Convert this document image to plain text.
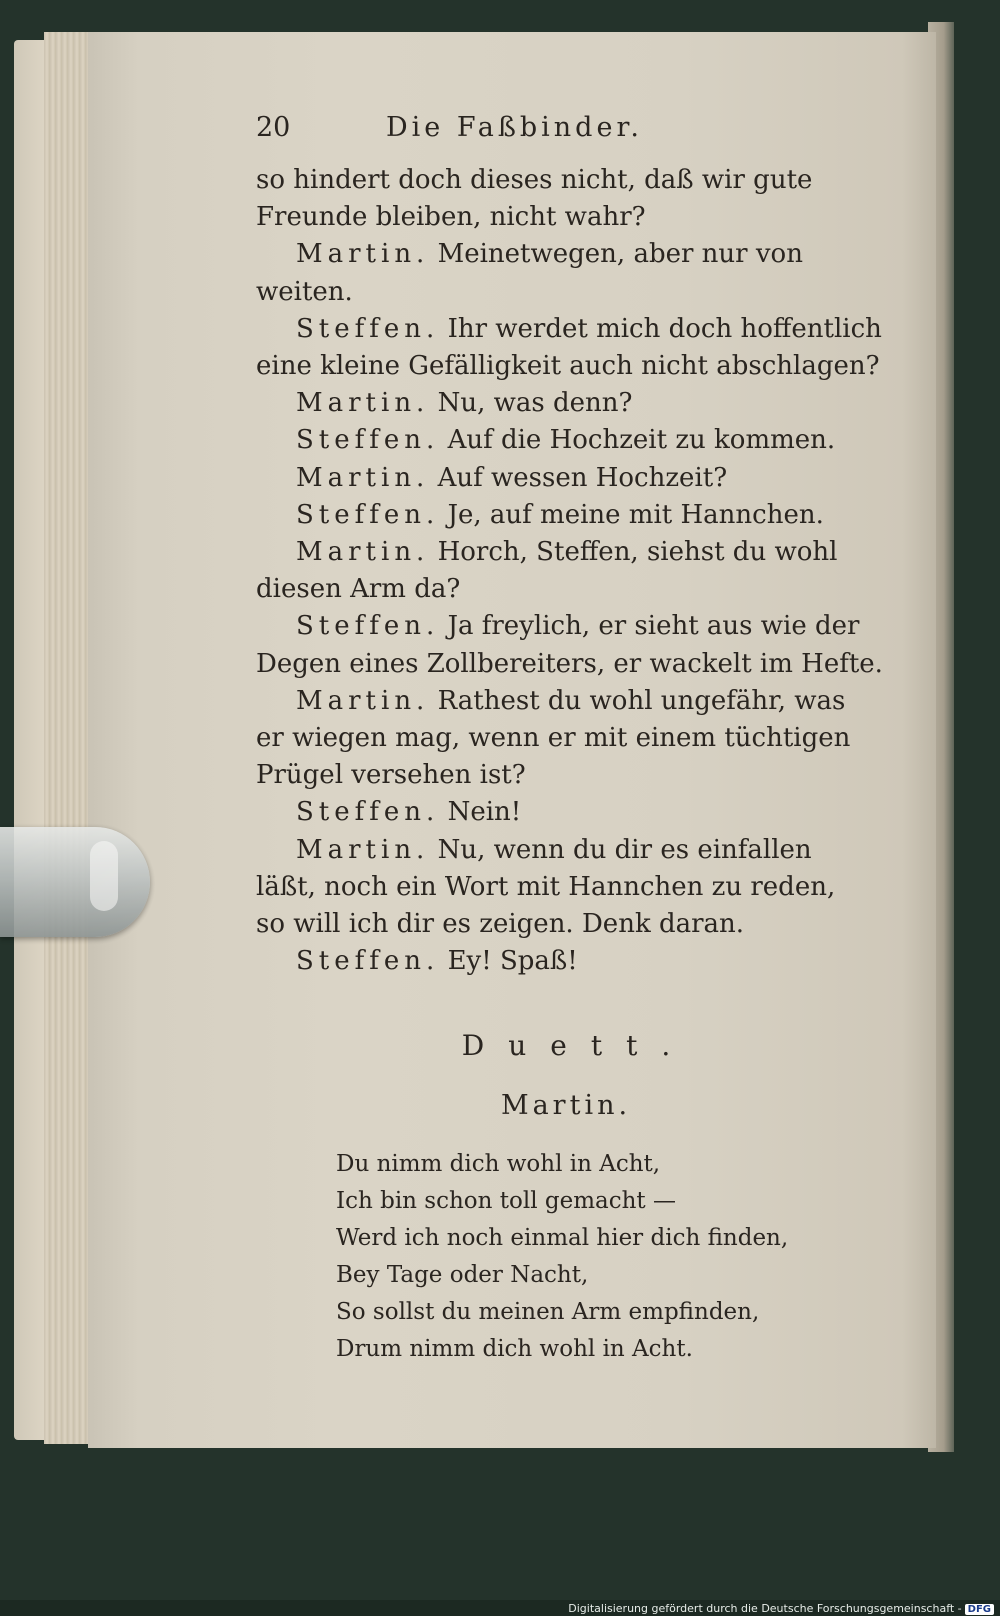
20	Die Faßbinder.
so hindert doch dieses nicht, daß wir gute
Freunde bleiben, nicht wahr?
Martin. Meinetwegen, aber nur von
weiten.
Steffen. Ihr werdet mich doch hoffentlich
eine kleine Gefälligkeit auch nicht abschlagen?
Martin. Nu, was denn?
Steffen. Auf die Hochzeit zu kommen.
Martin. Auf wessen Hochzeit?
Steffen. Je, auf meine mit Hannchen.
Martin. Horch, Steffen, siehst du wohl
diesen Arm da?
Steffen. Ja freylich, er sieht aus wie der
Degen eines Zollbereiters, er wackelt im Hefte.
Martin. Rathest du wohl ungefähr, was
er wiegen mag, wenn er mit einem tüchtigen
Prügel versehen ist?
Steffen. Nein!
Martin. Nu, wenn du dir es einfallen
läßt, noch ein Wort mit Hannchen zu reden,
so will ich dir es zeigen. Denk daran.
Steffen. Ey! Spaß!
Duett.
Martin.
Du nimm dich wohl in Acht,
Ich bin schon toll gemacht —
Werd ich noch einmal hier dich finden,
Bey Tage oder Nacht,
So sollst du meinen Arm empfinden,
Drum nimm dich wohl in Acht.
Digitalisierung gefördert durch die Deutsche Forschungsgemeinschaft - DFG
